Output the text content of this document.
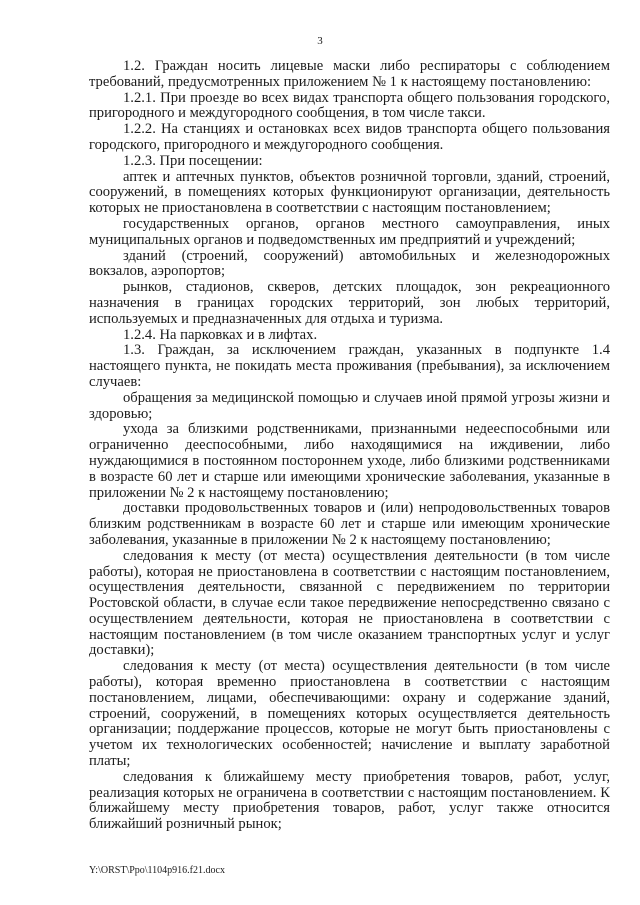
3

1.2. Граждан носить лицевые маски либо респираторы с соблюдением требований, предусмотренных приложением № 1 к настоящему постановлению:

1.2.1. При проезде во всех видах транспорта общего пользования городского, пригородного и междугородного сообщения, в том числе такси.

1.2.2. На станциях и остановках всех видов транспорта общего пользования городского, пригородного и междугородного сообщения.

1.2.3. При посещении:

аптек и аптечных пунктов, объектов розничной торговли, зданий, строений, сооружений, в помещениях которых функционируют организации, деятельность которых не приостановлена в соответствии с настоящим постановлением;

государственных органов, органов местного самоуправления, иных муниципальных органов и подведомственных им предприятий и учреждений;

зданий (строений, сооружений) автомобильных и железнодорожных вокзалов, аэропортов;

рынков, стадионов, скверов, детских площадок, зон рекреационного назначения в границах городских территорий, зон любых территорий, используемых и предназначенных для отдыха и туризма.

1.2.4. На парковках и в лифтах.

1.3. Граждан, за исключением граждан, указанных в подпункте 1.4 настоящего пункта, не покидать места проживания (пребывания), за исключением случаев:

обращения за медицинской помощью и случаев иной прямой угрозы жизни и здоровью;

ухода за близкими родственниками, признанными недееспособными или ограниченно дееспособными, либо находящимися на иждивении, либо нуждающимися в постоянном постороннем уходе, либо близкими родственниками в возрасте 60 лет и старше или имеющими хронические заболевания, указанные в приложении № 2 к настоящему постановлению;

доставки продовольственных товаров и (или) непродовольственных товаров близким родственникам в возрасте 60 лет и старше или имеющим хронические заболевания, указанные в приложении № 2 к настоящему постановлению;

следования к месту (от места) осуществления деятельности (в том числе работы), которая не приостановлена в соответствии с настоящим постановлением, осуществления деятельности, связанной с передвижением по территории Ростовской области, в случае если такое передвижение непосредственно связано с осуществлением деятельности, которая не приостановлена в соответствии с настоящим постановлением (в том числе оказанием транспортных услуг и услуг доставки);

следования к месту (от места) осуществления деятельности (в том числе работы), которая временно приостановлена в соответствии с настоящим постановлением, лицами, обеспечивающими: охрану и содержание зданий, строений, сооружений, в помещениях которых осуществляется деятельность организации; поддержание процессов, которые не могут быть приостановлены с учетом их технологических особенностей; начисление и выплату заработной платы;

следования к ближайшему месту приобретения товаров, работ, услуг, реализация которых не ограничена в соответствии с настоящим постановлением. К ближайшему месту приобретения товаров, работ, услуг также относится ближайший розничный рынок;

Y:\ORST\Ppo\1104p916.f21.docx
